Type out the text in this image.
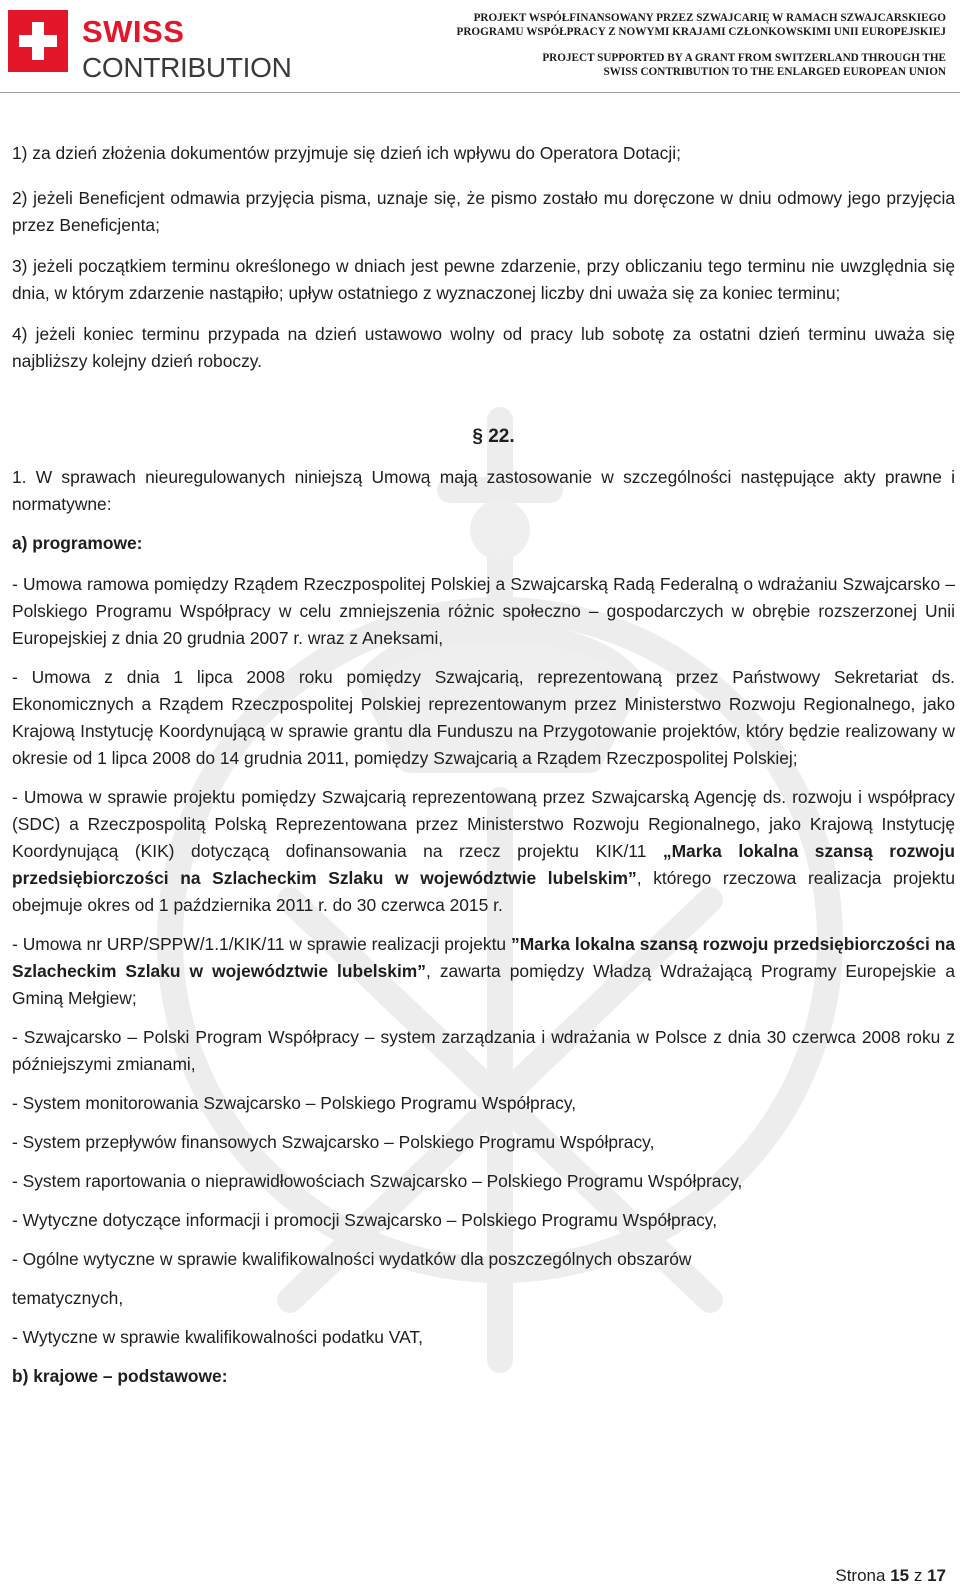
SWISS
CONTRIBUTION
PROJEKT WSPÓŁFINANSOWANY PRZEZ SZWAJCARIĘ W RAMACH SZWAJCARSKIEGO
PROGRAMU WSPÓŁPRACY Z NOWYMI KRAJAMI CZŁONKOWSKIMI UNII EUROPEJSKIEJ
PROJECT SUPPORTED BY A GRANT FROM SWITZERLAND THROUGH THE
SWISS CONTRIBUTION TO THE ENLARGED EUROPEAN UNION

1) za dzień złożenia dokumentów przyjmuje się dzień ich wpływu do Operatora Dotacji;

2) jeżeli Beneficjent odmawia przyjęcia pisma, uznaje się, że pismo zostało mu doręczone w dniu odmowy jego przyjęcia przez Beneficjenta;

3) jeżeli początkiem terminu określonego w dniach jest pewne zdarzenie, przy obliczaniu tego terminu nie uwzględnia się dnia, w którym zdarzenie nastąpiło; upływ ostatniego z wyznaczonej liczby dni uważa się za koniec terminu;

4) jeżeli koniec terminu przypada na dzień ustawowo wolny od pracy lub sobotę za ostatni dzień terminu uważa się najbliższy kolejny dzień roboczy.

§ 22.

1. W sprawach nieuregulowanych niniejszą Umową mają zastosowanie w szczególności następujące akty prawne i normatywne:

a) programowe:

- Umowa ramowa pomiędzy Rządem Rzeczpospolitej Polskiej a Szwajcarską Radą Federalną o wdrażaniu Szwajcarsko – Polskiego Programu Współpracy w celu zmniejszenia różnic społeczno – gospodarczych w obrębie rozszerzonej Unii Europejskiej z dnia 20 grudnia 2007 r. wraz z Aneksami,

- Umowa z dnia 1 lipca 2008 roku pomiędzy Szwajcarią, reprezentowaną przez Państwowy Sekretariat ds. Ekonomicznych a Rządem Rzeczpospolitej Polskiej reprezentowanym przez Ministerstwo Rozwoju Regionalnego, jako Krajową Instytucję Koordynującą w sprawie grantu dla Funduszu na Przygotowanie projektów, który będzie realizowany w okresie od 1 lipca 2008 do 14 grudnia 2011, pomiędzy Szwajcarią a Rządem Rzeczpospolitej Polskiej;

- Umowa w sprawie projektu pomiędzy Szwajcarią reprezentowaną przez Szwajcarską Agencję ds. rozwoju i współpracy (SDC) a Rzeczpospolitą Polską Reprezentowana przez Ministerstwo Rozwoju Regionalnego, jako Krajową Instytucję Koordynującą (KIK) dotyczącą dofinansowania na rzecz projektu KIK/11 „Marka lokalna szansą rozwoju przedsiębiorczości na Szlacheckim Szlaku w województwie lubelskim”, którego rzeczowa realizacja projektu obejmuje okres od 1 października 2011 r. do 30 czerwca 2015 r.

- Umowa nr URP/SPPW/1.1/KIK/11 w sprawie realizacji projektu ”Marka lokalna szansą rozwoju przedsiębiorczości na Szlacheckim Szlaku w województwie lubelskim”, zawarta pomiędzy Władzą Wdrażającą Programy Europejskie a Gminą Mełgiew;

- Szwajcarsko – Polski Program Współpracy – system zarządzania i wdrażania w Polsce z dnia 30 czerwca 2008 roku z późniejszymi zmianami,

- System monitorowania Szwajcarsko – Polskiego Programu Współpracy,

- System przepływów finansowych Szwajcarsko – Polskiego Programu Współpracy,

- System raportowania o nieprawidłowościach Szwajcarsko – Polskiego Programu Współpracy,

- Wytyczne dotyczące informacji i promocji Szwajcarsko – Polskiego Programu Współpracy,

- Ogólne wytyczne w sprawie kwalifikowalności wydatków dla poszczególnych obszarów

tematycznych,

- Wytyczne w sprawie kwalifikowalności podatku VAT,

b) krajowe – podstawowe:

Strona 15 z 17
